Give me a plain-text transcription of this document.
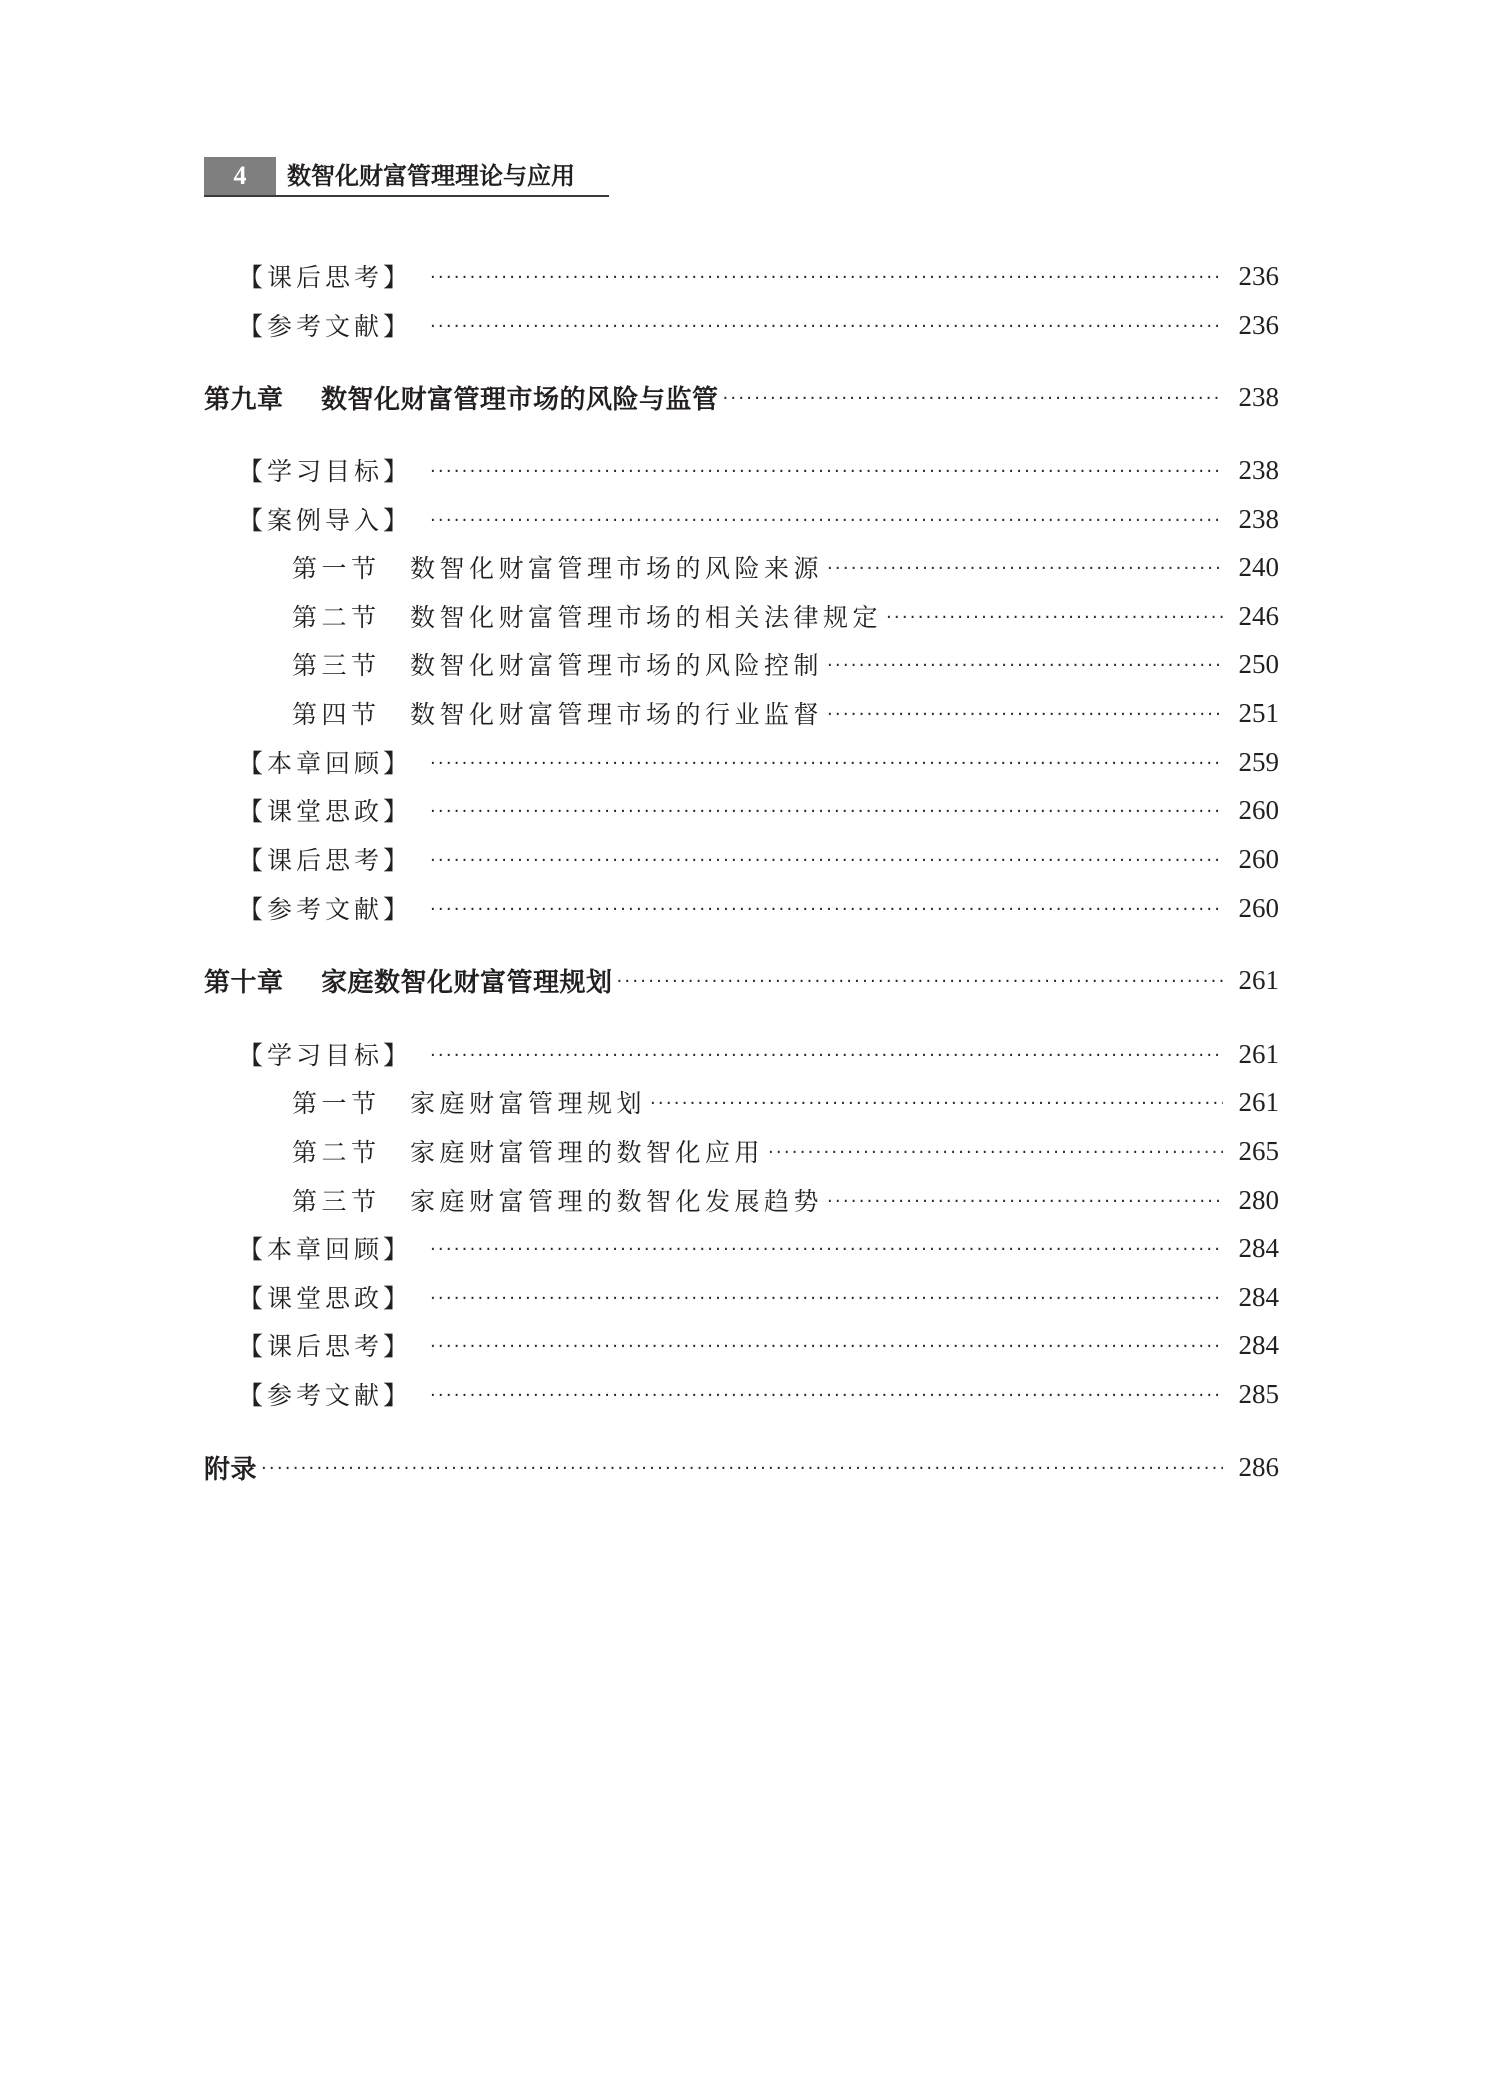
4	数智化财富管理理论与应用
【课后思考】 ·····	236
【参考文献】 ·····	236
第九章 数智化财富管理市场的风险与监管 ·····	238
【学习目标】 ·····	238
【案例导入】 ·····	238
第一节 数智化财富管理市场的风险来源 ·····	240
第二节 数智化财富管理市场的相关法律规定 ·····	246
第三节 数智化财富管理市场的风险控制 ·····	250
第四节 数智化财富管理市场的行业监督 ·····	251
【本章回顾】 ·····	259
【课堂思政】 ·····	260
【课后思考】 ·····	260
【参考文献】 ·····	260
第十章 家庭数智化财富管理规划 ·····	261
【学习目标】 ·····	261
第一节 家庭财富管理规划 ·····	261
第二节 家庭财富管理的数智化应用 ·····	265
第三节 家庭财富管理的数智化发展趋势 ·····	280
【本章回顾】 ·····	284
【课堂思政】 ·····	284
【课后思考】 ·····	284
【参考文献】 ·····	285
附录 ·····	286
